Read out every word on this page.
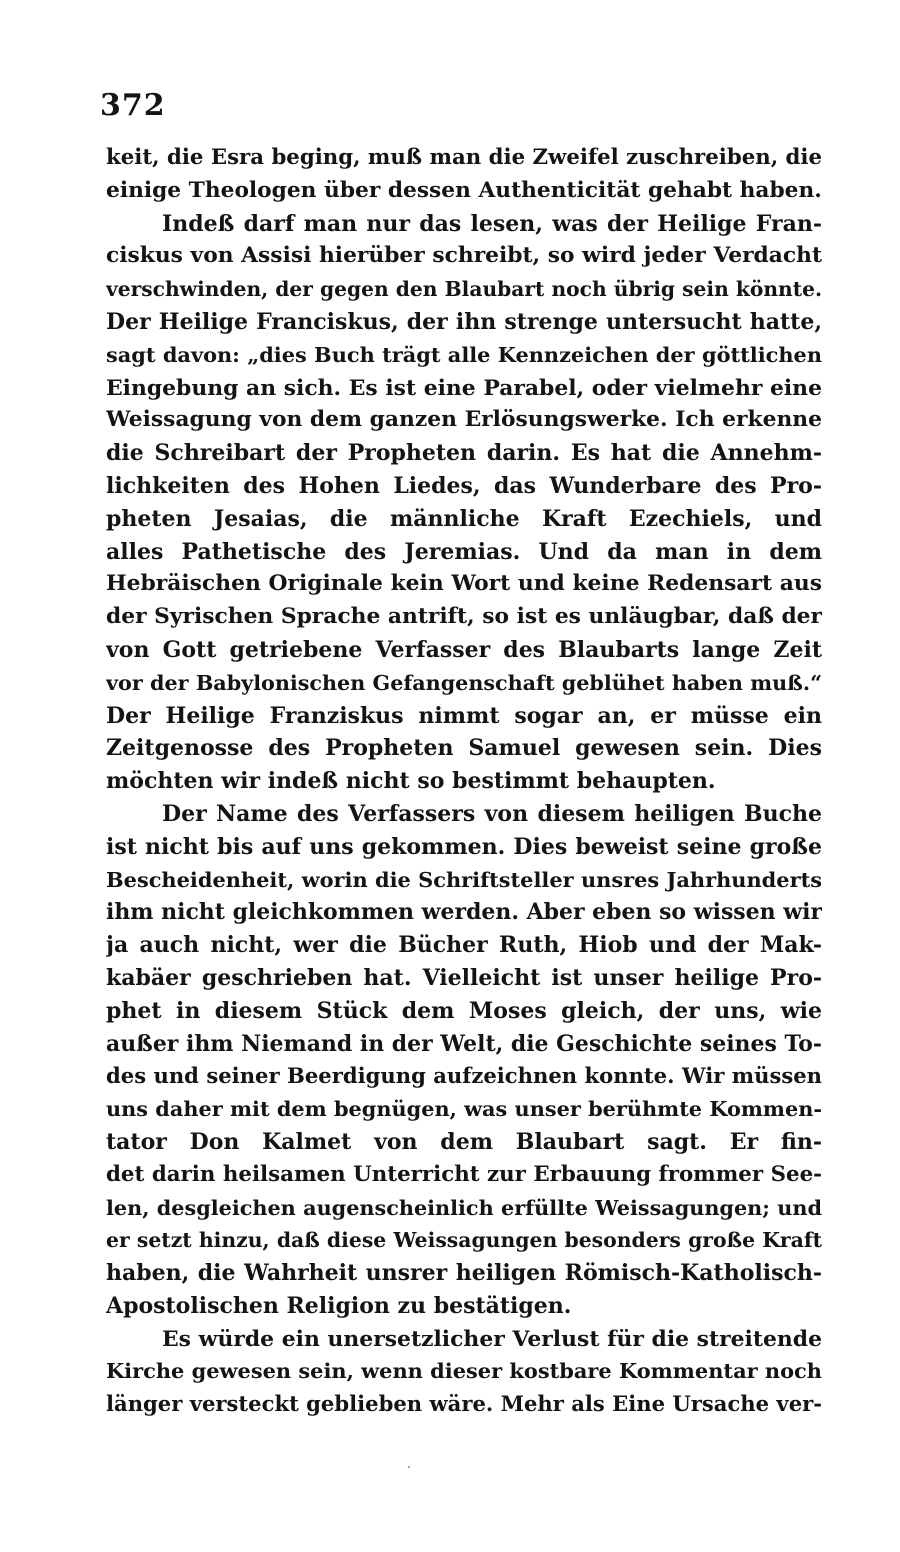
372
keit, die Esra beging, muß man die Zweifel zuschreiben, die
einige Theologen über dessen Authenticität gehabt haben.
Indeß darf man nur das lesen, was der Heilige Fran-
ciskus von Assisi hierüber schreibt, so wird jeder Verdacht
verschwinden, der gegen den Blaubart noch übrig sein könnte.
Der Heilige Franciskus, der ihn strenge untersucht hatte,
sagt davon: „dies Buch trägt alle Kennzeichen der göttlichen
Eingebung an sich. Es ist eine Parabel, oder vielmehr eine
Weissagung von dem ganzen Erlösungswerke. Ich erkenne
die Schreibart der Propheten darin. Es hat die Annehm-
lichkeiten des Hohen Liedes, das Wunderbare des Pro-
pheten Jesaias, die männliche Kraft Ezechiels, und
alles Pathetische des Jeremias. Und da man in dem
Hebräischen Originale kein Wort und keine Redensart aus
der Syrischen Sprache antrift, so ist es unläugbar, daß der
von Gott getriebene Verfasser des Blaubarts lange Zeit
vor der Babylonischen Gefangenschaft geblühet haben muß.“
Der Heilige Franziskus nimmt sogar an, er müsse ein
Zeitgenosse des Propheten Samuel gewesen sein. Dies
möchten wir indeß nicht so bestimmt behaupten.
Der Name des Verfassers von diesem heiligen Buche
ist nicht bis auf uns gekommen. Dies beweist seine große
Bescheidenheit, worin die Schriftsteller unsres Jahrhunderts
ihm nicht gleichkommen werden. Aber eben so wissen wir
ja auch nicht, wer die Bücher Ruth, Hiob und der Mak-
kabäer geschrieben hat. Vielleicht ist unser heilige Pro-
phet in diesem Stück dem Moses gleich, der uns, wie
außer ihm Niemand in der Welt, die Geschichte seines To-
des und seiner Beerdigung aufzeichnen konnte. Wir müssen
uns daher mit dem begnügen, was unser berühmte Kommen-
tator Don Kalmet von dem Blaubart sagt. Er fin-
det darin heilsamen Unterricht zur Erbauung frommer See-
len, desgleichen augenscheinlich erfüllte Weissagungen; und
er setzt hinzu, daß diese Weissagungen besonders große Kraft
haben, die Wahrheit unsrer heiligen Römisch-Katholisch-
Apostolischen Religion zu bestätigen.
Es würde ein unersetzlicher Verlust für die streitende
Kirche gewesen sein, wenn dieser kostbare Kommentar noch
länger versteckt geblieben wäre. Mehr als Eine Ursache ver-
